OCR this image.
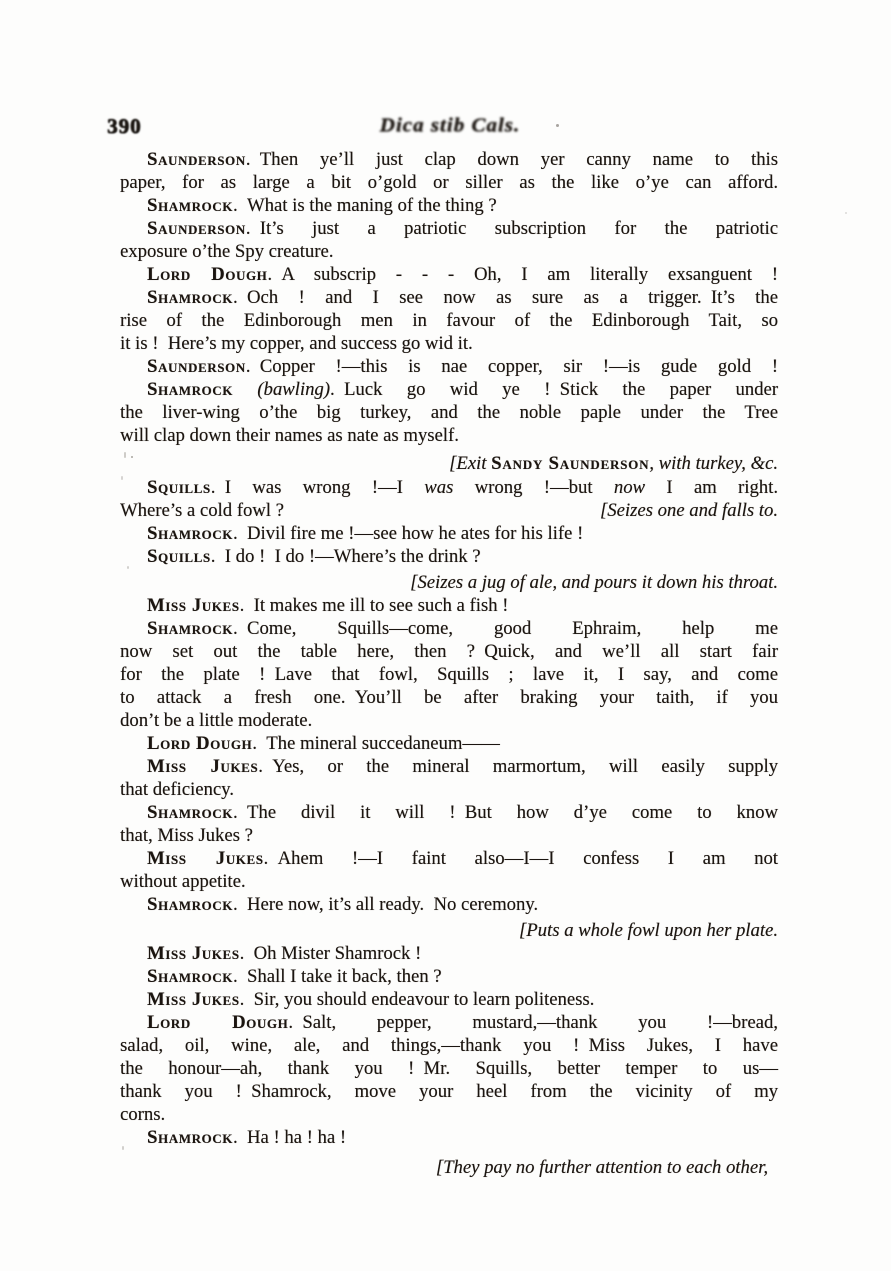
390	Dica stib Cals.
Saunderson. Then ye’ll just clap down yer canny name to this
paper, for as large a bit o’gold or siller as the like o’ye can afford.
Shamrock. What is the maning of the thing ?
Saunderson. It’s just a patriotic subscription for the patriotic
exposure o’the Spy creature.
Lord Dough. A subscrip - - - Oh, I am literally exsanguent !
Shamrock. Och ! and I see now as sure as a trigger. It’s the
rise of the Edinborough men in favour of the Edinborough Tait, so
it is ! Here’s my copper, and success go wid it.
Saunderson. Copper !—this is nae copper, sir !—is gude gold !
Shamrock (bawling). Luck go wid ye ! Stick the paper under
the liver-wing o’the big turkey, and the noble paple under the Tree
will clap down their names as nate as myself.
[Exit Sandy Saunderson, with turkey, &c.
Squills. I was wrong !—I was wrong !—but now I am right.
Where’s a cold fowl ?	[Seizes one and falls to.
Shamrock. Divil fire me !—see how he ates for his life !
Squills. I do ! I do !—Where’s the drink ?
[Seizes a jug of ale, and pours it down his throat.
Miss Jukes. It makes me ill to see such a fish !
Shamrock. Come, Squills—come, good Ephraim, help me
now set out the table here, then ? Quick, and we’ll all start fair
for the plate ! Lave that fowl, Squills ; lave it, I say, and come
to attack a fresh one. You’ll be after braking your taith, if you
don’t be a little moderate.
Lord Dough. The mineral succedaneum——
Miss Jukes. Yes, or the mineral marmortum, will easily supply
that deficiency.
Shamrock. The divil it will ! But how d’ye come to know
that, Miss Jukes ?
Miss Jukes. Ahem !—I faint also—I—I confess I am not
without appetite.
Shamrock. Here now, it’s all ready. No ceremony.
[Puts a whole fowl upon her plate.
Miss Jukes. Oh Mister Shamrock !
Shamrock. Shall I take it back, then ?
Miss Jukes. Sir, you should endeavour to learn politeness.
Lord Dough. Salt, pepper, mustard,—thank you !—bread,
salad, oil, wine, ale, and things,—thank you ! Miss Jukes, I have
the honour—ah, thank you ! Mr. Squills, better temper to us—
thank you ! Shamrock, move your heel from the vicinity of my
corns.
Shamrock. Ha ! ha ! ha !
[They pay no further attention to each other,
